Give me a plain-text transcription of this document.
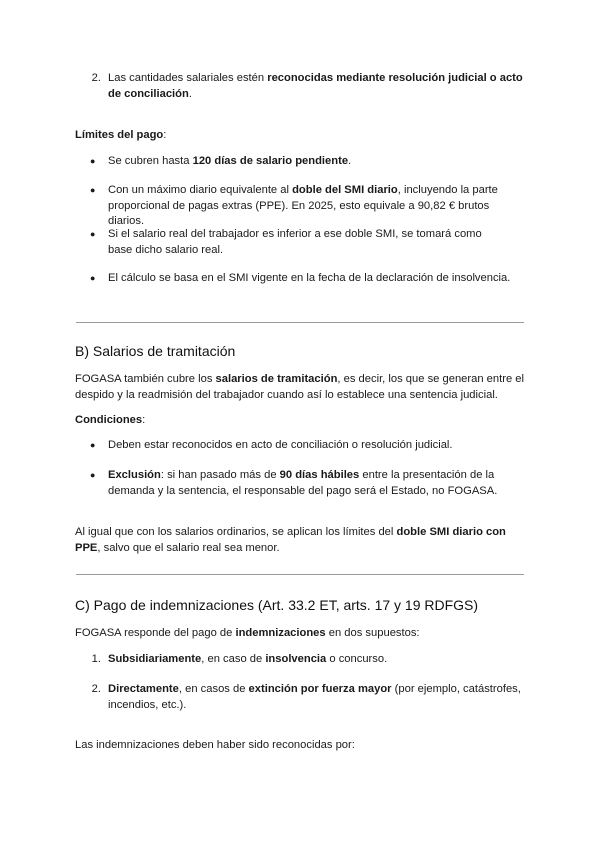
2. Las cantidades salariales estén reconocidas mediante resolución judicial o acto de conciliación.
Límites del pago:
● Se cubren hasta 120 días de salario pendiente.
● Con un máximo diario equivalente al doble del SMI diario, incluyendo la parte proporcional de pagas extras (PPE). En 2025, esto equivale a 90,82 € brutos diarios.
● Si el salario real del trabajador es inferior a ese doble SMI, se tomará como base dicho salario real.
● El cálculo se basa en el SMI vigente en la fecha de la declaración de insolvencia.
B) Salarios de tramitación
FOGASA también cubre los salarios de tramitación, es decir, los que se generan entre el despido y la readmisión del trabajador cuando así lo establece una sentencia judicial.
Condiciones:
● Deben estar reconocidos en acto de conciliación o resolución judicial.
● Exclusión: si han pasado más de 90 días hábiles entre la presentación de la demanda y la sentencia, el responsable del pago será el Estado, no FOGASA.
Al igual que con los salarios ordinarios, se aplican los límites del doble SMI diario con PPE, salvo que el salario real sea menor.
C) Pago de indemnizaciones (Art. 33.2 ET, arts. 17 y 19 RDFGS)
FOGASA responde del pago de indemnizaciones en dos supuestos:
1. Subsidiariamente, en caso de insolvencia o concurso.
2. Directamente, en casos de extinción por fuerza mayor (por ejemplo, catástrofes, incendios, etc.).
Las indemnizaciones deben haber sido reconocidas por:
